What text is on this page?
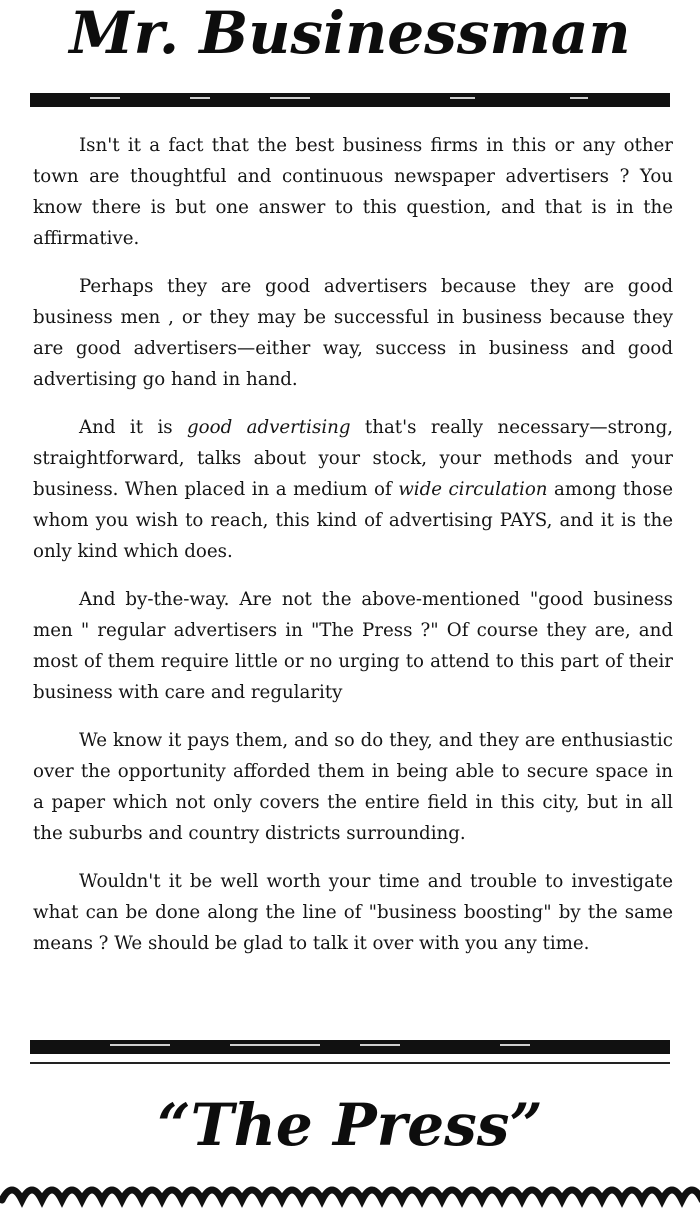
Mr. Businessman

Isn't it a fact that the best business firms in this or any other town are thoughtful and continuous newspaper advertisers ? You know there is but one answer to this question, and that is in the affirmative.

Perhaps they are good advertisers because they are good business men , or they may be successful in business because they are good advertisers—either way, success in business and good advertising go hand in hand.

And it is good advertising that's really necessary—strong, straightforward, talks about your stock, your methods and your business. When placed in a medium of wide circulation among those whom you wish to reach, this kind of advertising PAYS, and it is the only kind which does.

And by-the-way. Are not the above-mentioned "good business men " regular advertisers in "The Press ?" Of course they are, and most of them require little or no urging to attend to this part of their business with care and regularity

We know it pays them, and so do they, and they are enthusiastic over the opportunity afforded them in being able to secure space in a paper which not only covers the entire field in this city, but in all the suburbs and country districts surrounding.

Wouldn't it be well worth your time and trouble to investigate what can be done along the line of "business boosting" by the same means ? We should be glad to talk it over with you any time.

“The Press”
